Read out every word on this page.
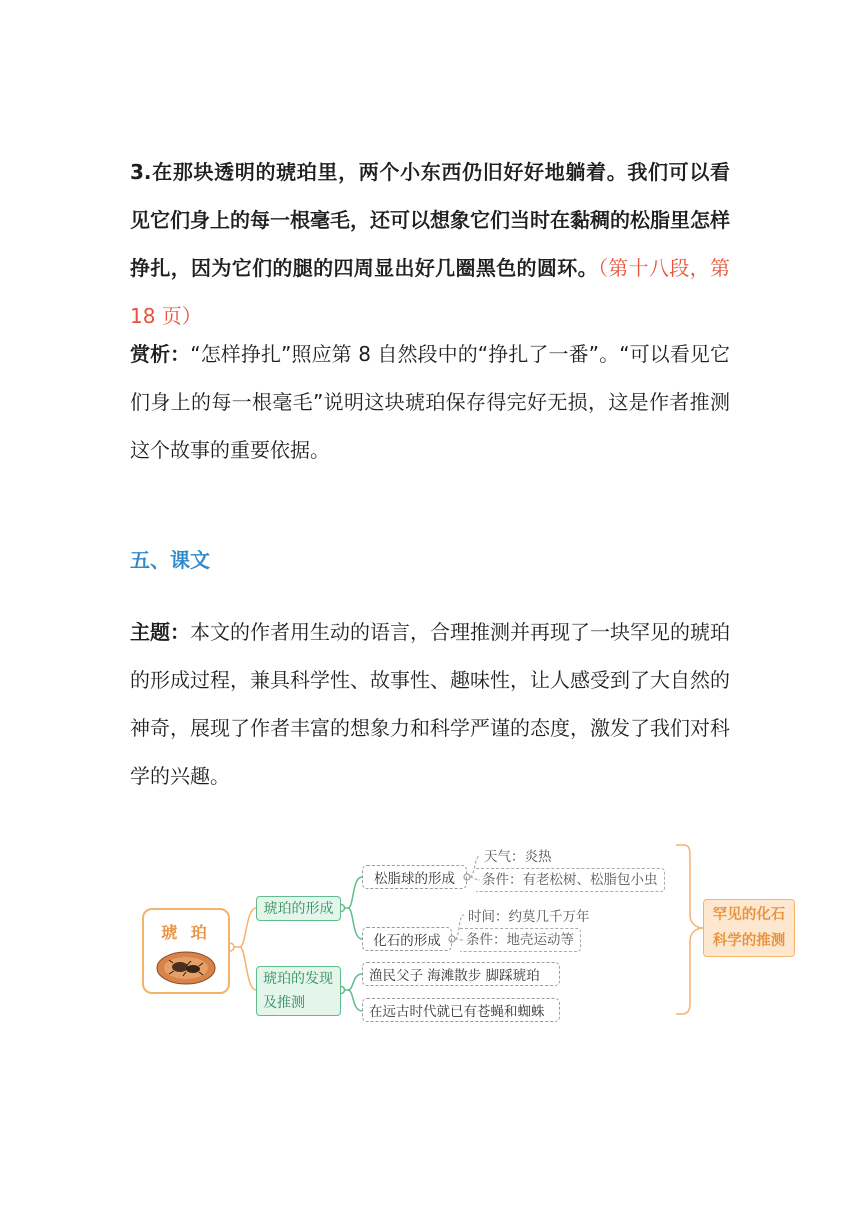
3.在那块透明的琥珀里，两个小东西仍旧好好地躺着。我们可以看见它们身上的每一根毫毛，还可以想象它们当时在黏稠的松脂里怎样挣扎，因为它们的腿的四周显出好几圈黑色的圆环。（第十八段，第 18 页）

赏析：“怎样挣扎”照应第 8 自然段中的“挣扎了一番”。“可以看见它们身上的每一根毫毛”说明这块琥珀保存得完好无损，这是作者推测这个故事的重要依据。

五、课文

主题：本文的作者用生动的语言，合理推测并再现了一块罕见的琥珀的形成过程，兼具科学性、故事性、趣味性，让人感受到了大自然的神奇，展现了作者丰富的想象力和科学严谨的态度，激发了我们对科学的兴趣。

琥 珀
琥珀的形成
琥珀的发现及推测
松脂球的形成
化石的形成
天气：炎热
条件：有老松树、松脂包小虫
时间：约莫几千万年
条件：地壳运动等
渔民父子 海滩散步 脚踩琥珀
在远古时代就已有苍蝇和蜘蛛
罕见的化石科学的推测
